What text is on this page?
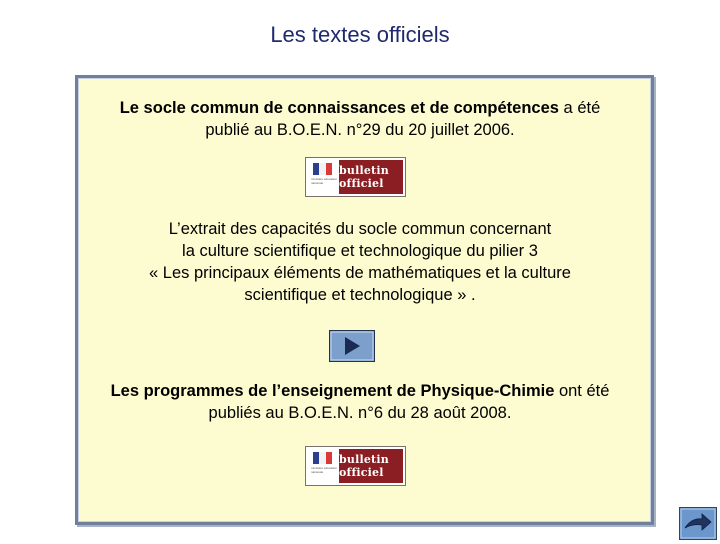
Les textes officiels
Le socle commun de connaissances et de compétences a été
publié au B.O.E.N. n°29 du 20 juillet 2006.
ministère éducation nationale
bulletin officiel
L’extrait des capacités du socle commun concernant
la culture scientifique et technologique du pilier 3
« Les principaux éléments de mathématiques et la culture
scientifique et technologique » .
Les programmes de l’enseignement de Physique-Chimie ont été
publiés au B.O.E.N. n°6 du 28 août 2008.
ministère éducation nationale
bulletin officiel
